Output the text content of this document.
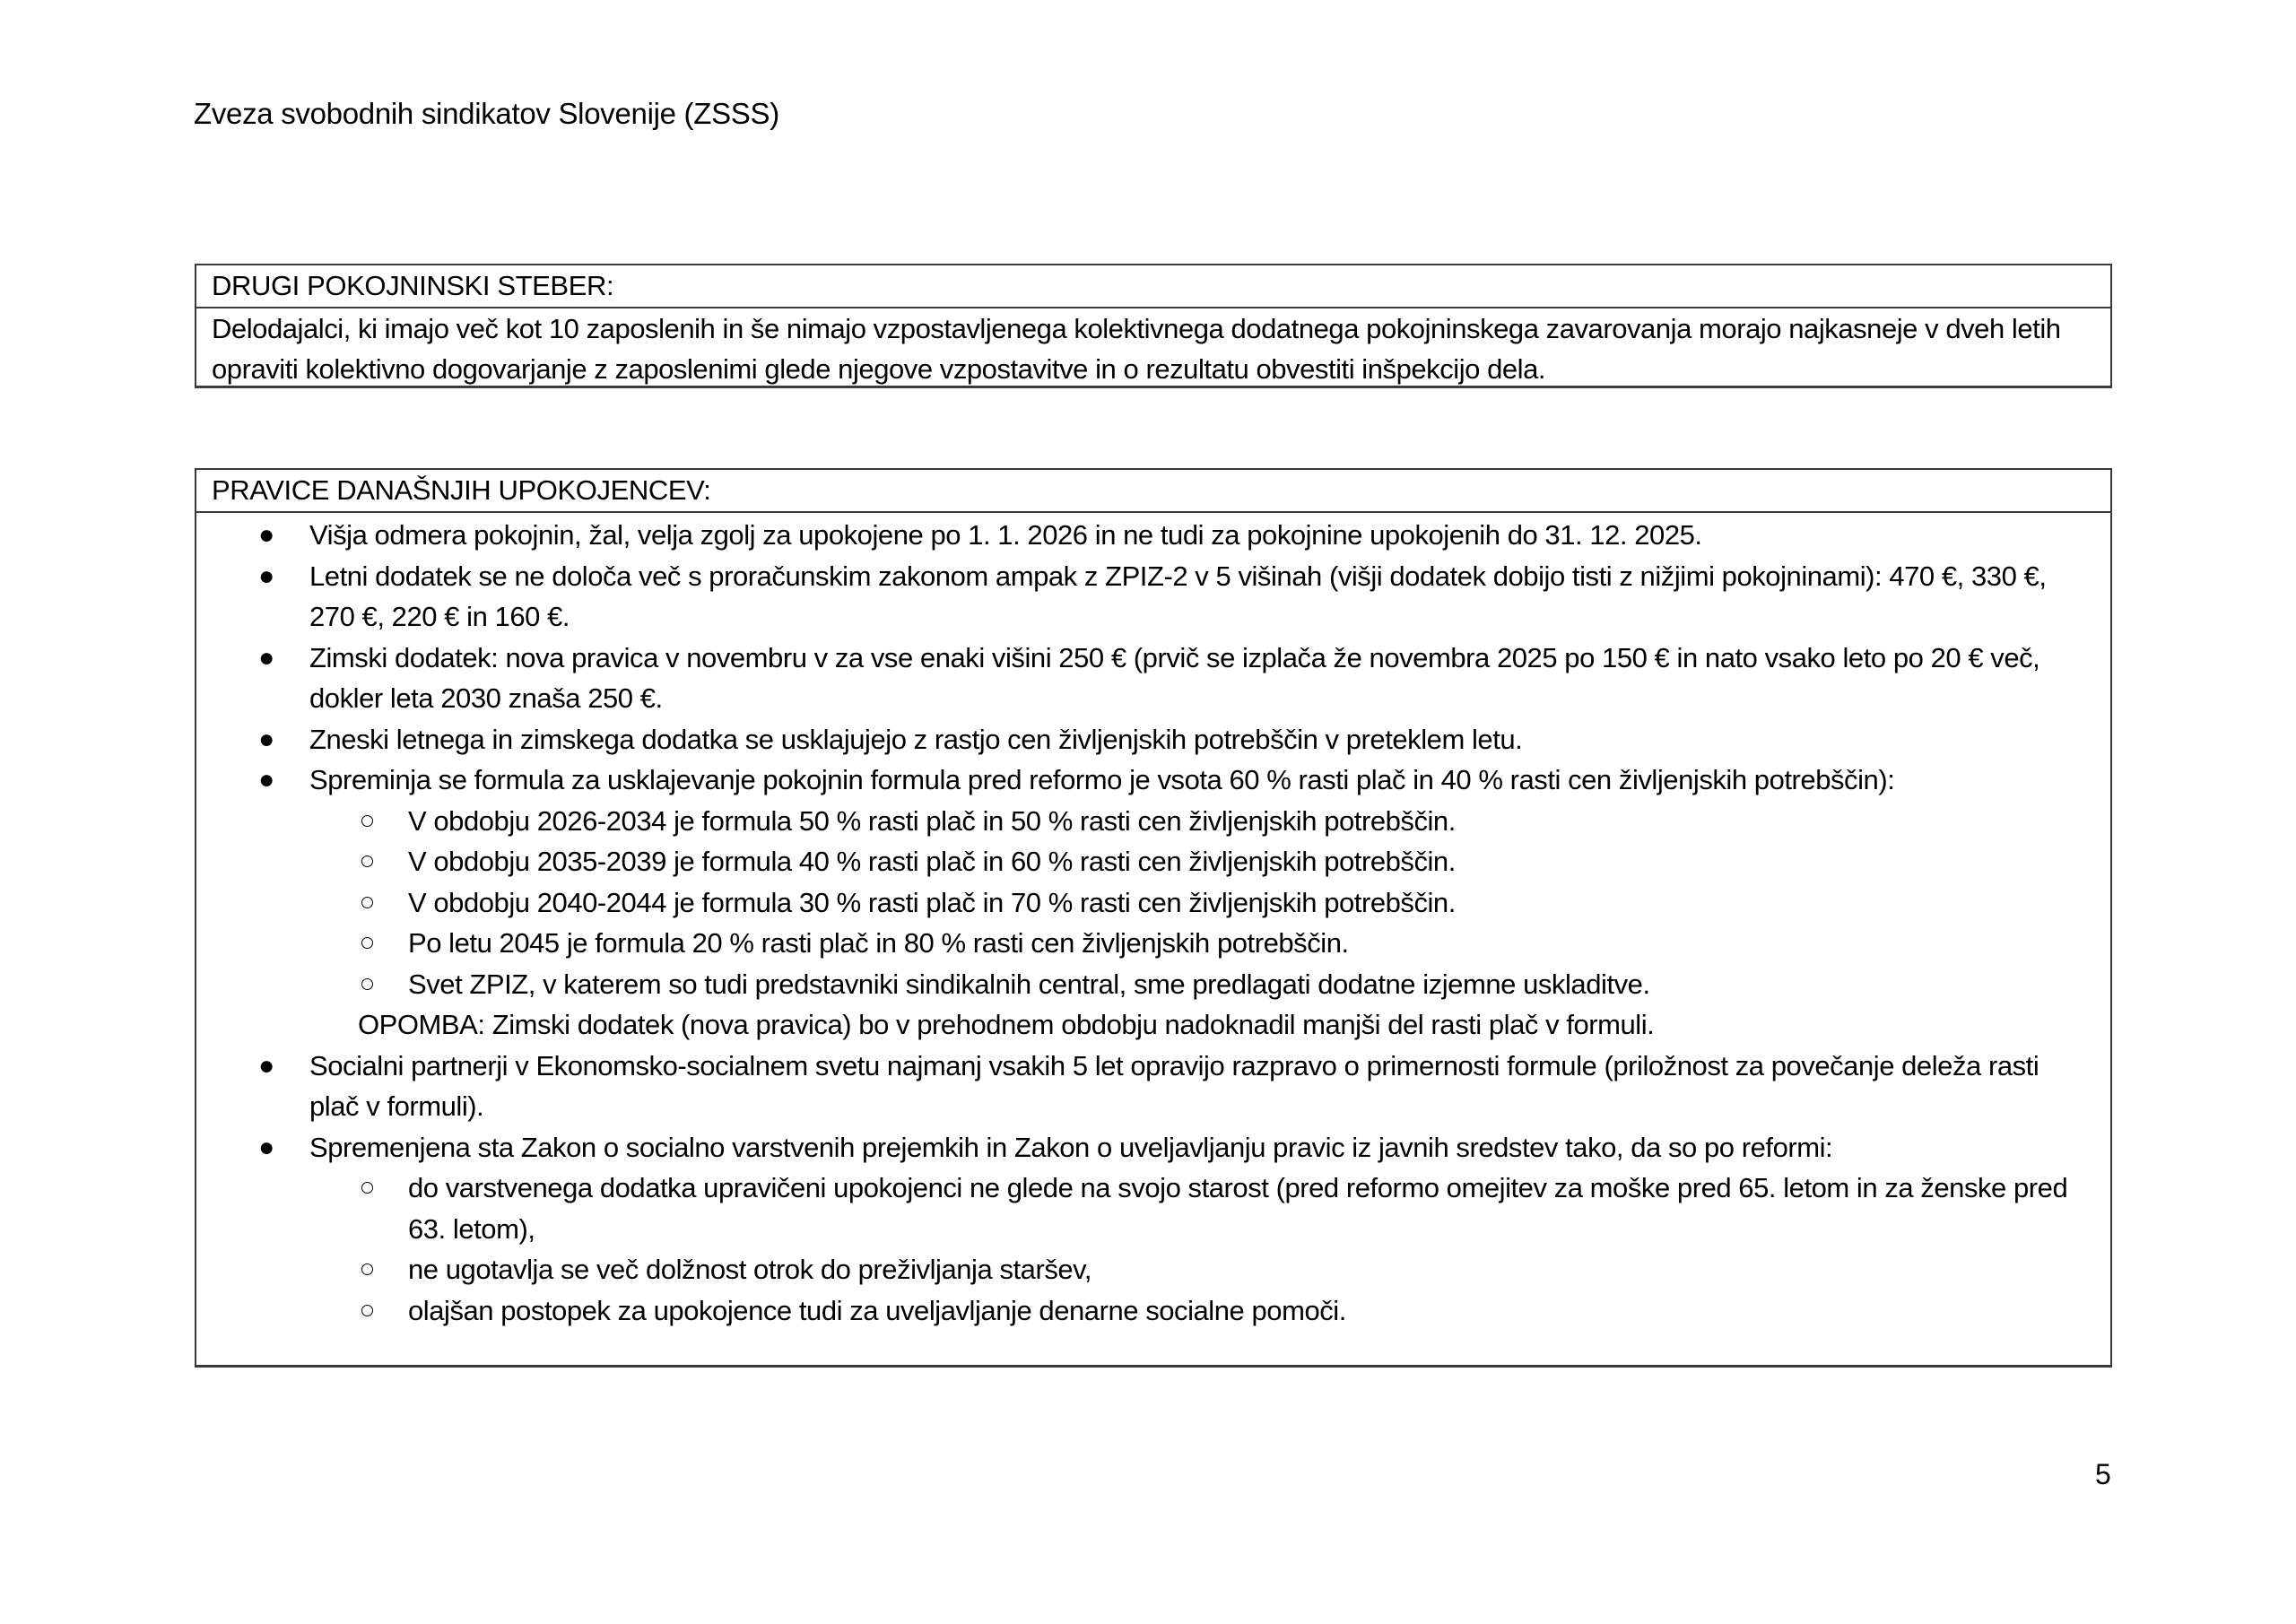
Zveza svobodnih sindikatov Slovenije (ZSSS)
DRUGI POKOJNINSKI STEBER:
Delodajalci, ki imajo več kot 10 zaposlenih in še nimajo vzpostavljenega kolektivnega dodatnega pokojninskega zavarovanja morajo najkasneje v dveh letih opraviti kolektivno dogovarjanje z zaposlenimi glede njegove vzpostavitve in o rezultatu obvestiti inšpekcijo dela.
PRAVICE DANAŠNJIH UPOKOJENCEV:
● Višja odmera pokojnin, žal, velja zgolj za upokojene po 1. 1. 2026 in ne tudi za pokojnine upokojenih do 31. 12. 2025.
● Letni dodatek se ne določa več s proračunskim zakonom ampak z ZPIZ-2 v 5 višinah (višji dodatek dobijo tisti z nižjimi pokojninami): 470 €, 330 €, 270 €, 220 € in 160 €.
● Zimski dodatek: nova pravica v novembru v za vse enaki višini 250 € (prvič se izplača že novembra 2025 po 150 € in nato vsako leto po 20 € več, dokler leta 2030 znaša 250 €.
● Zneski letnega in zimskega dodatka se usklajujejo z rastjo cen življenjskih potrebščin v preteklem letu.
● Spreminja se formula za usklajevanje pokojnin formula pred reformo je vsota 60 % rasti plač in 40 % rasti cen življenjskih potrebščin):
V obdobju 2026-2034 je formula 50 % rasti plač in 50 % rasti cen življenjskih potrebščin.
V obdobju 2035-2039 je formula 40 % rasti plač in 60 % rasti cen življenjskih potrebščin.
V obdobju 2040-2044 je formula 30 % rasti plač in 70 % rasti cen življenjskih potrebščin.
Po letu 2045 je formula 20 % rasti plač in 80 % rasti cen življenjskih potrebščin.
Svet ZPIZ, v katerem so tudi predstavniki sindikalnih central, sme predlagati dodatne izjemne uskladitve.
OPOMBA: Zimski dodatek (nova pravica) bo v prehodnem obdobju nadoknadil manjši del rasti plač v formuli.
● Socialni partnerji v Ekonomsko-socialnem svetu najmanj vsakih 5 let opravijo razpravo o primernosti formule (priložnost za povečanje deleža rasti plač v formuli).
● Spremenjena sta Zakon o socialno varstvenih prejemkih in Zakon o uveljavljanju pravic iz javnih sredstev tako, da so po reformi:
do varstvenega dodatka upravičeni upokojenci ne glede na svojo starost (pred reformo omejitev za moške pred 65. letom in za ženske pred 63. letom),
ne ugotavlja se več dolžnost otrok do preživljanja staršev,
olajšan postopek za upokojence tudi za uveljavljanje denarne socialne pomoči.
5
